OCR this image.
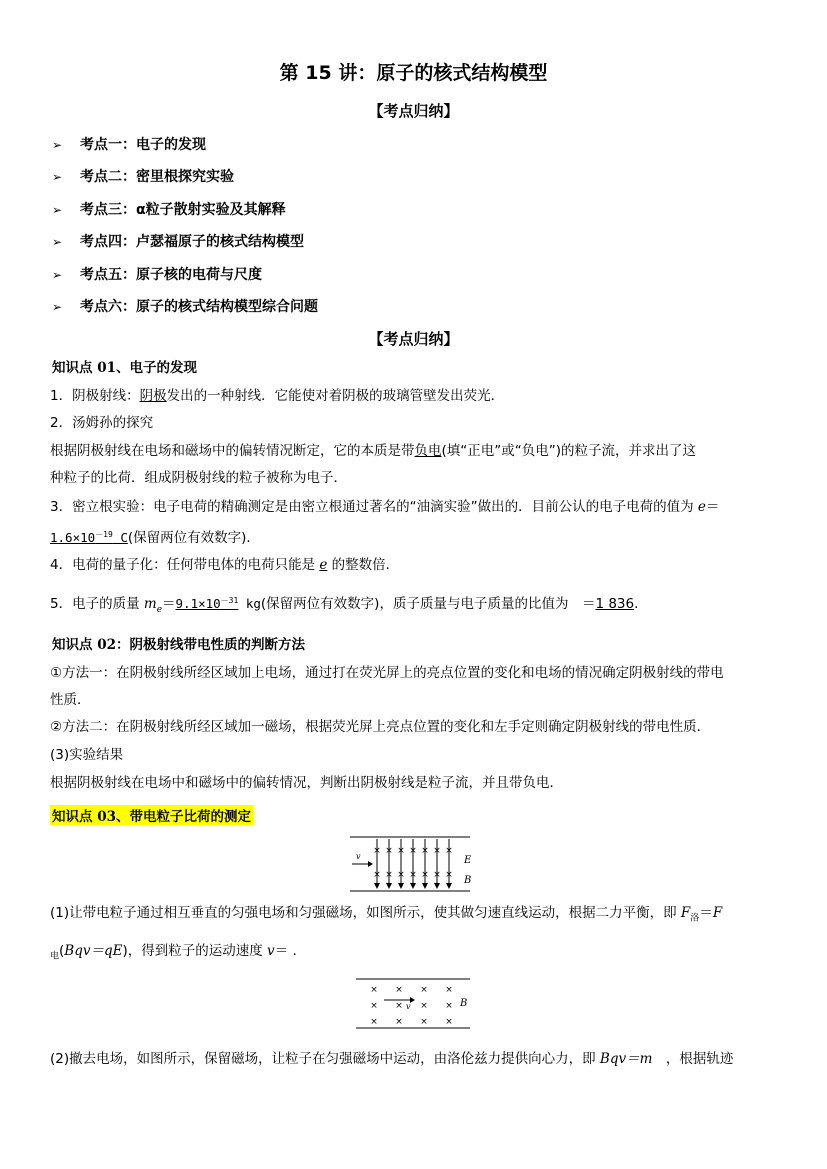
第 15 讲：原子的核式结构模型
【考点归纳】
➢ 考点一：电子的发现
➢ 考点二：密里根探究实验
➢ 考点三：α粒子散射实验及其解释
➢ 考点四：卢瑟福原子的核式结构模型
➢ 考点五：原子核的电荷与尺度
➢ 考点六：原子的核式结构模型综合问题
【考点归纳】
知识点 01、电子的发现
1．阴极射线：阴极发出的一种射线．它能使对着阴极的玻璃管壁发出荧光．
2．汤姆孙的探究
根据阴极射线在电场和磁场中的偏转情况断定，它的本质是带负电(填“正电”或“负电”)的粒子流，并求出了这
种粒子的比荷．组成阴极射线的粒子被称为电子．
3．密立根实验：电子电荷的精确测定是由密立根通过著名的“油滴实验”做出的．目前公认的电子电荷的值为 e＝
$1.6\times 10^{-19}$ C(保留两位有效数字)．
4．电荷的量子化：任何带电体的电荷只能是 e 的整数倍．
5．电子的质量 $m_e=9.1\times 10^{-31}$ kg(保留两位有效数字)，质子质量与电子质量的比值为　＝1 836.
知识点 02：阴极射线带电性质的判断方法
①方法一：在阴极射线所经区域加上电场，通过打在荧光屏上的亮点位置的变化和电场的情况确定阴极射线的带电
性质．
②方法二：在阴极射线所经区域加一磁场，根据荧光屏上亮点位置的变化和左手定则确定阴极射线的带电性质．
(3)实验结果
根据阴极射线在电场中和磁场中的偏转情况，判断出阴极射线是粒子流，并且带负电．
知识点 03、带电粒子比荷的测定
× × × × × × ×
× × × × × × ×
v	E
B
(1)让带电粒子通过相互垂直的匀强电场和匀强磁场，如图所示，使其做匀速直线运动，根据二力平衡，即 $F_洛=F$
$_电$(Bqv＝qE)，得到粒子的运动速度 v＝ .
× × × ×
× × × ×
× × × ×
v	B
(2)撤去电场，如图所示，保留磁场，让粒子在匀强磁场中运动，由洛伦兹力提供向心力，即 Bqv＝m　，根据轨迹
